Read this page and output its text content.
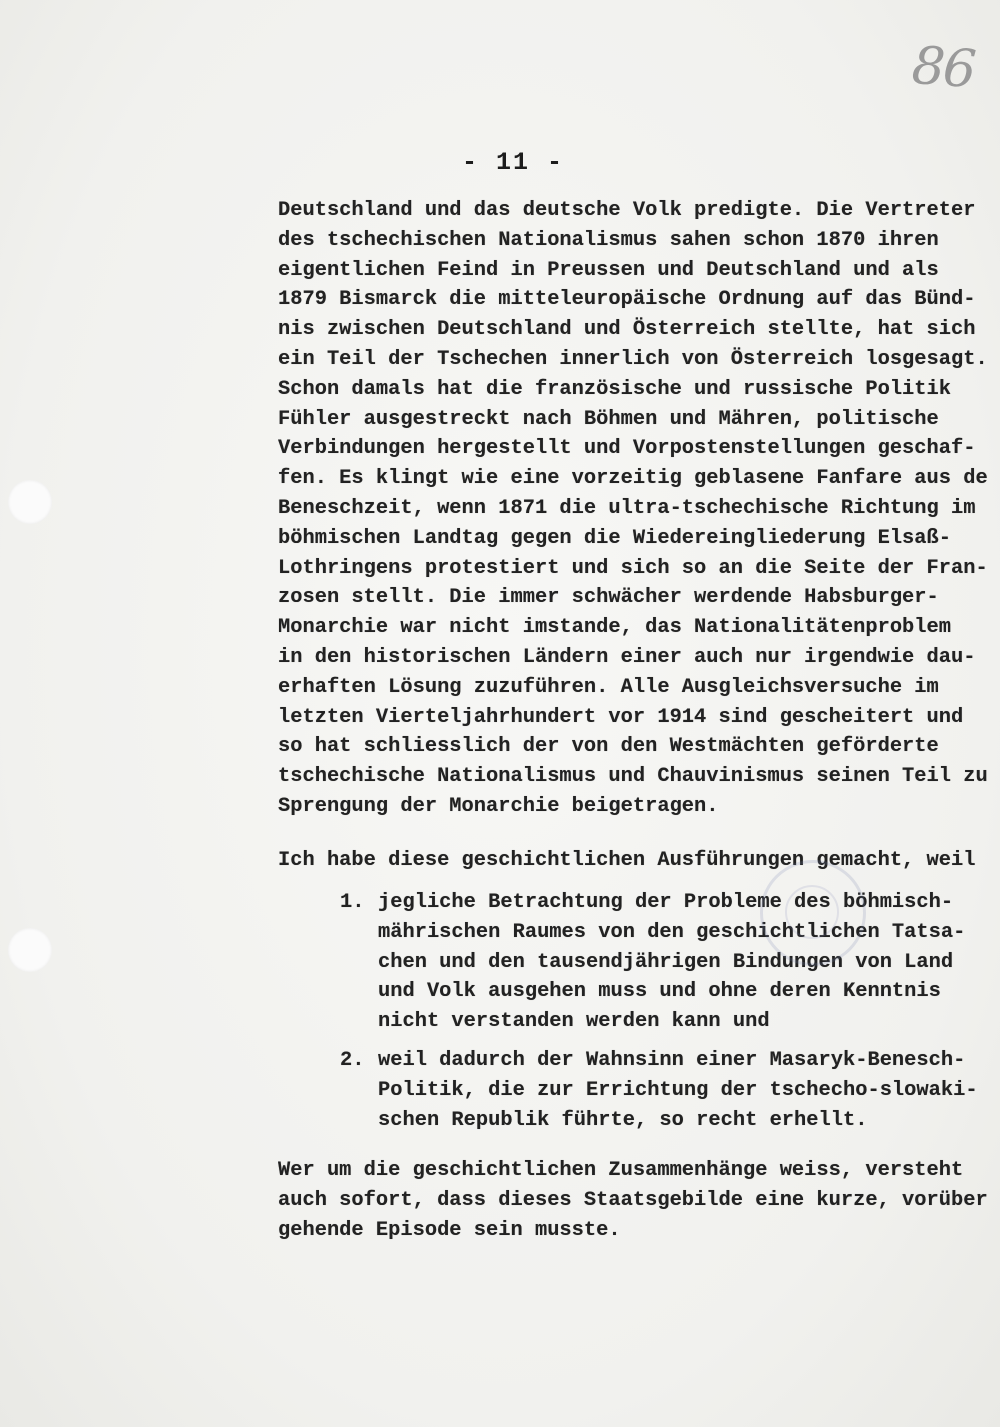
86
- 11 -
Deutschland und das deutsche Volk predigte. Die Vertreter
des tschechischen Nationalismus sahen schon 1870 ihren
eigentlichen Feind in Preussen und Deutschland und als
1879 Bismarck die mitteleuropäische Ordnung auf das Bünd-
nis zwischen Deutschland und Österreich stellte, hat sich
ein Teil der Tschechen innerlich von Österreich losgesagt.
Schon damals hat die französische und russische Politik
Fühler ausgestreckt nach Böhmen und Mähren, politische
Verbindungen hergestellt und Vorpostenstellungen geschaf-
fen. Es klingt wie eine vorzeitig geblasene Fanfare aus de
Beneschzeit, wenn 1871 die ultra-tschechische Richtung im
böhmischen Landtag gegen die Wiedereingliederung Elsaß-
Lothringens protestiert und sich so an die Seite der Fran-
zosen stellt. Die immer schwächer werdende Habsburger-
Monarchie war nicht imstande, das Nationalitätenproblem
in den historischen Ländern einer auch nur irgendwie dau-
erhaften Lösung zuzuführen. Alle Ausgleichsversuche im
letzten Vierteljahrhundert vor 1914 sind gescheitert und
so hat schliesslich der von den Westmächten geförderte
tschechische Nationalismus und Chauvinismus seinen Teil zu
Sprengung der Monarchie beigetragen.
Ich habe diese geschichtlichen Ausführungen gemacht, weil
1. jegliche Betrachtung der Probleme des böhmisch-
mährischen Raumes von den geschichtlichen Tatsa-
chen und den tausendjährigen Bindungen von Land
und Volk ausgehen muss und ohne deren Kenntnis
nicht verstanden werden kann und
2. weil dadurch der Wahnsinn einer Masaryk-Benesch-
Politik, die zur Errichtung der tschecho-slowaki-
schen Republik führte, so recht erhellt.
Wer um die geschichtlichen Zusammenhänge weiss, versteht
auch sofort, dass dieses Staatsgebilde eine kurze, vorüber
gehende Episode sein musste.
